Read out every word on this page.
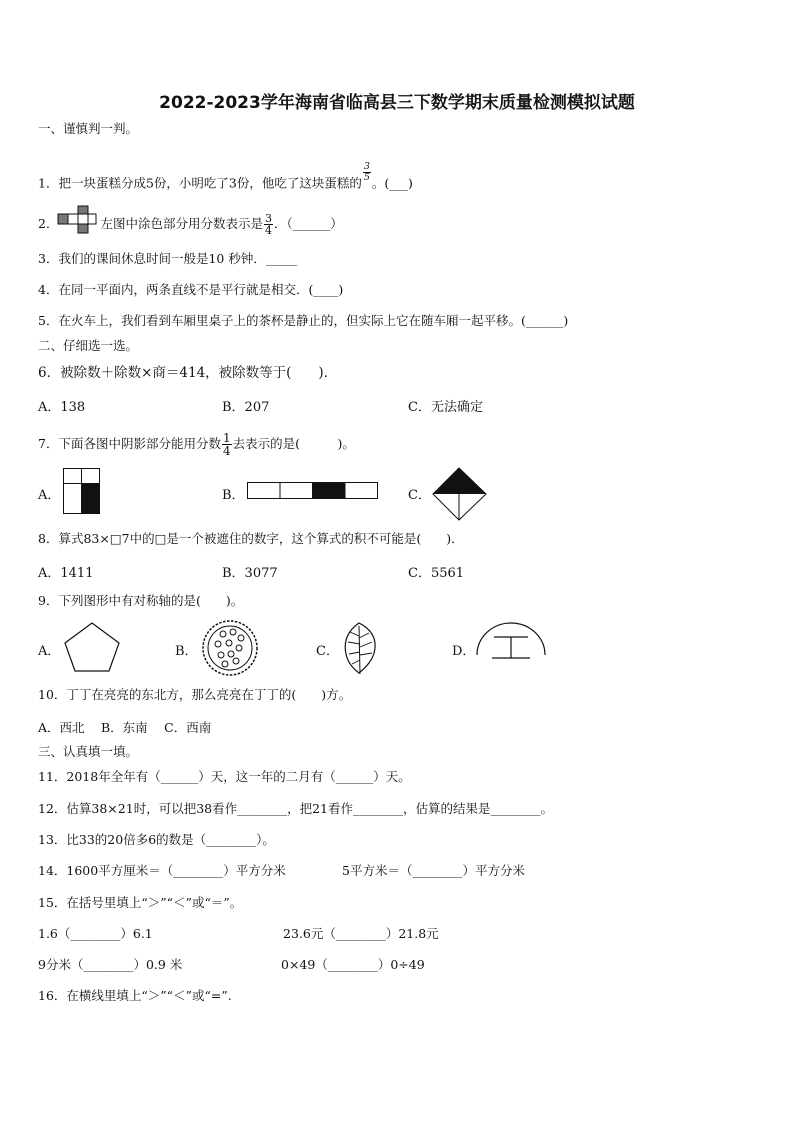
2022-2023学年海南省临高县三下数学期末质量检测模拟试题
一、谨慎判一判。
1．把一块蛋糕分成5份，小明吃了3份，他吃了这块蛋糕的
$\frac{3}{5}$
。(___)
2．	左图中涂色部分用分数表示是 $\frac{3}{4}$ ．（______）
3．我们的课间休息时间一般是10 秒钟．_____
4．在同一平面内，两条直线不是平行就是相交．(____)
5．在火车上，我们看到车厢里桌子上的茶杯是静止的，但实际上它在随车厢一起平移。(______)
二、仔细选一选。
6．被除数＋除数×商＝414，被除数等于(　　)．
A．138	B．207	C．无法确定
7．下面各图中阴影部分能用分数 $\frac{1}{4}$ 去表示的是(　　　)。
A．	B．	C．
8．算式83×□7中的□是一个被遮住的数字，这个算式的积不可能是(　　)．
A．1411	B．3077	C．5561
9．下列图形中有对称轴的是(　　)。
A．	B．	C．	D．
10．丁丁在亮亮的东北方，那么亮亮在丁丁的(　　)方。
A．西北　 B．东南　 C．西南
三、认真填一填。
11．2018年全年有（______）天，这一年的二月有（______）天。
12．估算38×21时，可以把38看作________，把21看作________，估算的结果是________。
13．比33的20倍多6的数是（________）。
14．1600平方厘米＝（________）平方分米	5平方米＝（________）平方分米
15．在括号里填上“＞”“＜”或“＝”。
1.6（________）6.1	23.6元（________）21.8元
9分米（________）0.9 米	0×49（________）0÷49
16．在横线里填上“＞”“＜”或“=”.
